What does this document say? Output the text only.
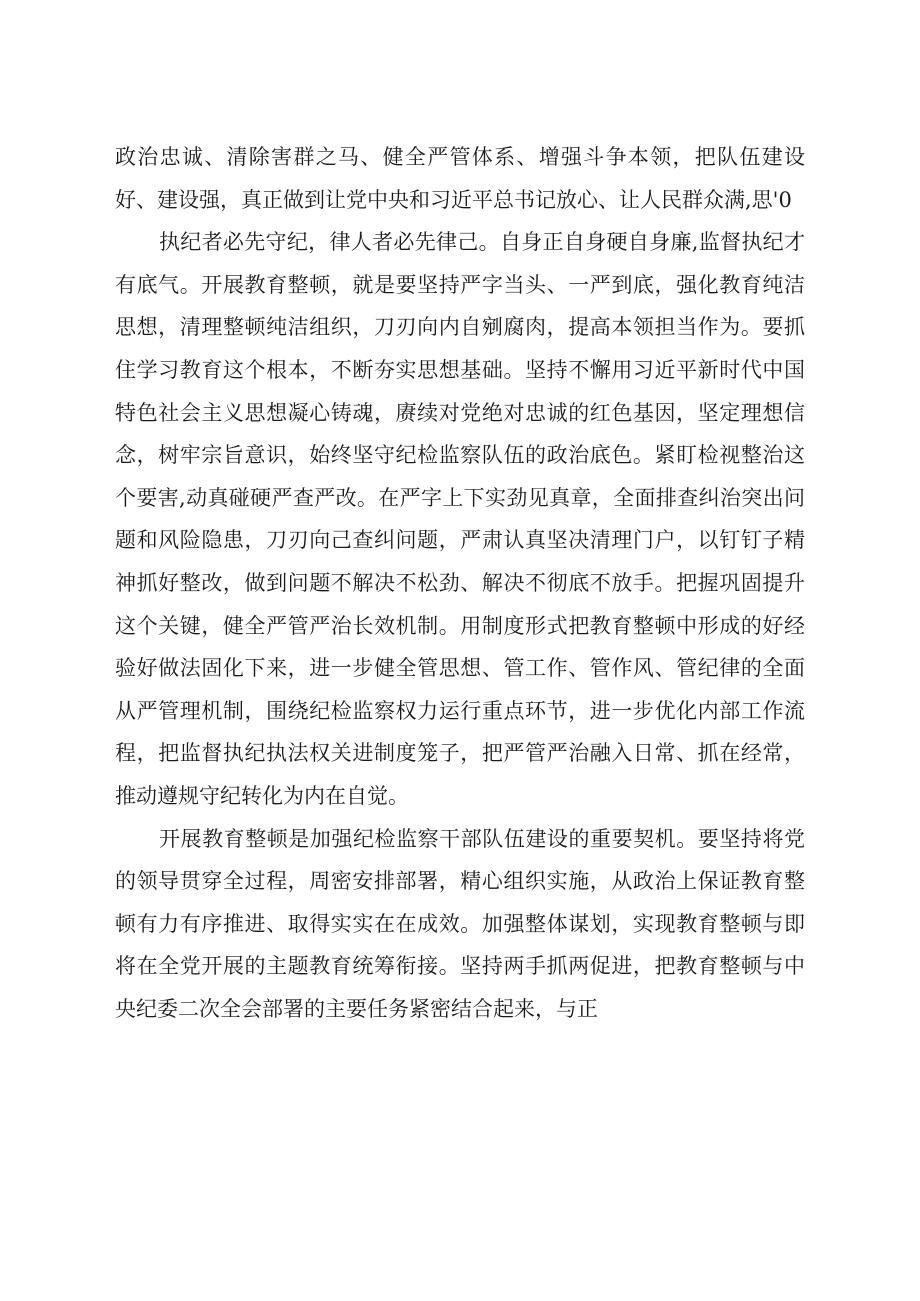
政治忠诚、清除害群之马、健全严管体系、增强斗争本领，把队伍建设好、建设强，真正做到让党中央和习近平总书记放心、让人民群众满,思'0

执纪者必先守纪，律人者必先律己。自身正自身硬自身廉,监督执纪才有底气。开展教育整顿，就是要坚持严字当头、一严到底，强化教育纯洁思想，清理整顿纯洁组织，刀刃向内自剜腐肉，提高本领担当作为。要抓住学习教育这个根本，不断夯实思想基础。坚持不懈用习近平新时代中国特色社会主义思想凝心铸魂，赓续对党绝对忠诚的红色基因，坚定理想信念，树牢宗旨意识，始终坚守纪检监察队伍的政治底色。紧盯检视整治这个要害,动真碰硬严查严改。在严字上下实劲见真章，全面排查纠治突出问题和风险隐患，刀刃向己查纠问题，严肃认真坚决清理门户，以钉钉子精神抓好整改，做到问题不解决不松劲、解决不彻底不放手。把握巩固提升这个关键，健全严管严治长效机制。用制度形式把教育整顿中形成的好经验好做法固化下来，进一步健全管思想、管工作、管作风、管纪律的全面从严管理机制，围绕纪检监察权力运行重点环节，进一步优化内部工作流程，把监督执纪执法权关进制度笼子，把严管严治融入日常、抓在经常，推动遵规守纪转化为内在自觉。

开展教育整顿是加强纪检监察干部队伍建设的重要契机。要坚持将党的领导贯穿全过程，周密安排部署，精心组织实施，从政治上保证教育整顿有力有序推进、取得实实在在成效。加强整体谋划，实现教育整顿与即将在全党开展的主题教育统筹衔接。坚持两手抓两促进，把教育整顿与中央纪委二次全会部署的主要任务紧密结合起来，与正
